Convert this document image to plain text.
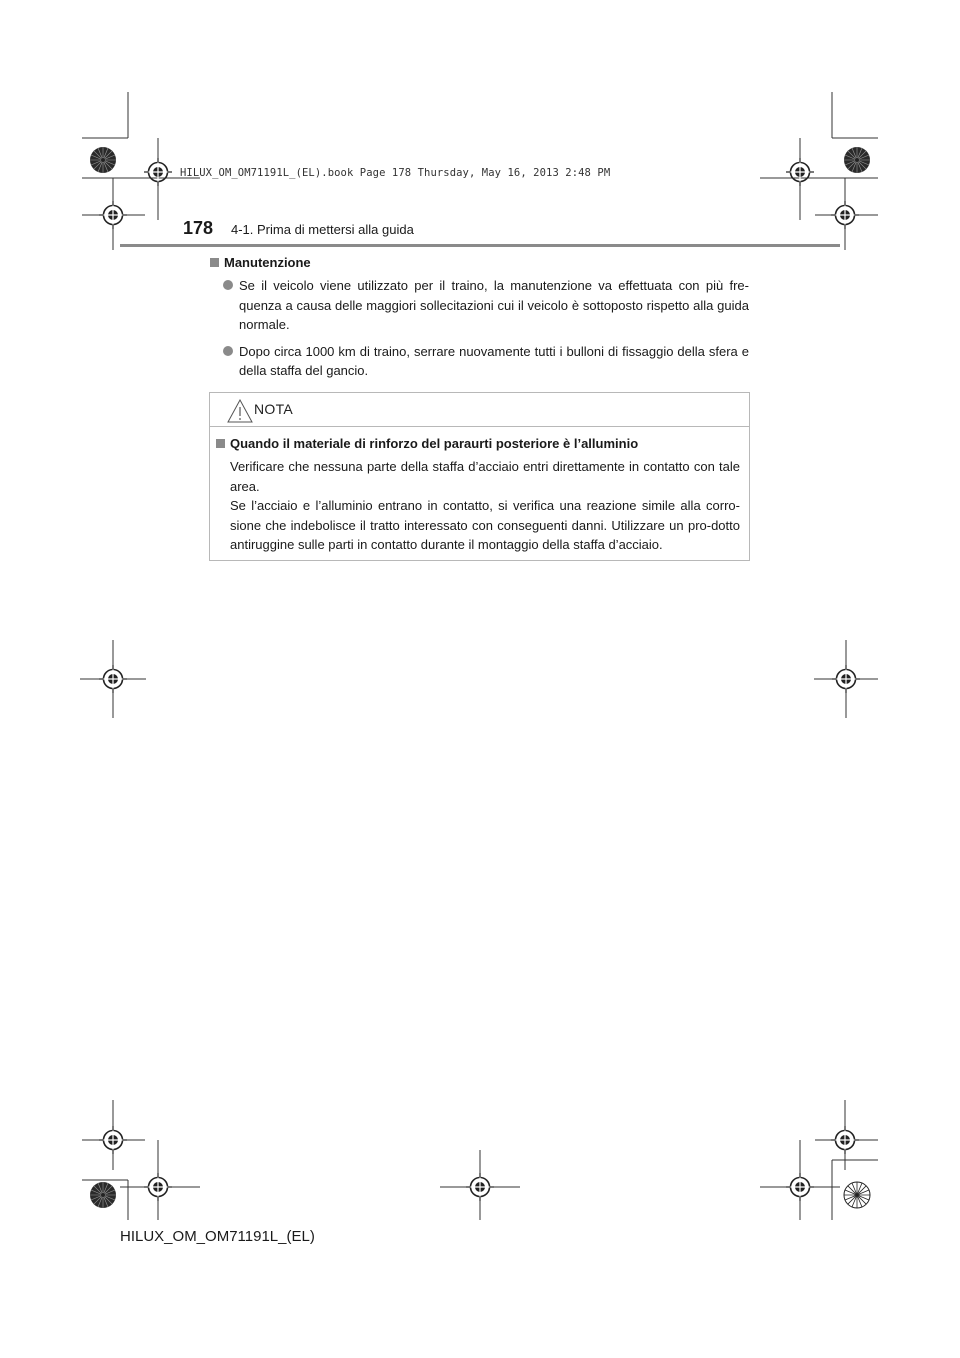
HILUX_OM_OM71191L_(EL).book Page 178 Thursday, May 16, 2013 2:48 PM
178 4-1. Prima di mettersi alla guida
Manutenzione
Se il veicolo viene utilizzato per il traino, la manutenzione va effettuata con più fre-quenza a causa delle maggiori sollecitazioni cui il veicolo è sottoposto rispetto alla guida normale.
Dopo circa 1000 km di traino, serrare nuovamente tutti i bulloni di fissaggio della sfera e della staffa del gancio.
NOTA
Quando il materiale di rinforzo del paraurti posteriore è l’alluminio

Verificare che nessuna parte della staffa d’acciaio entri direttamente in contatto con tale area.

Se l’acciaio e l’alluminio entrano in contatto, si verifica una reazione simile alla corro-sione che indebolisce il tratto interessato con conseguenti danni. Utilizzare un pro-dotto antiruggine sulle parti in contatto durante il montaggio della staffa d’acciaio.

HILUX_OM_OM71191L_(EL)
